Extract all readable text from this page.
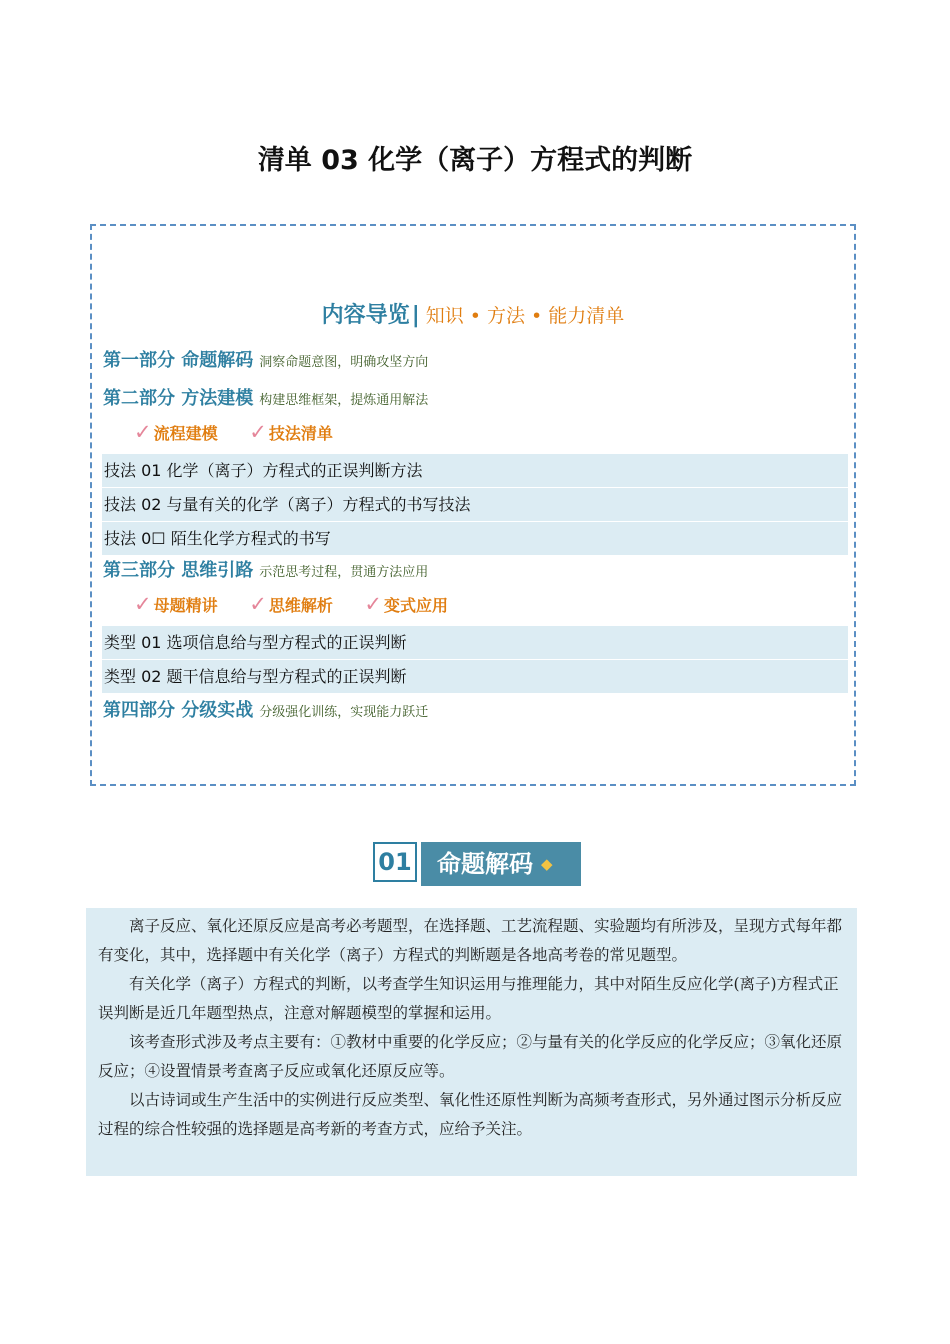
清单 03 化学（离子）方程式的判断
内容导览| 知识 • 方法 • 能力清单
第一部分 命题解码 洞察命题意图，明确攻坚方向
第二部分 方法建模 构建思维框架，提炼通用解法
✓ 流程建模 ✓ 技法清单
技法 01 化学（离子）方程式的正误判断方法
技法 02 与量有关的化学（离子）方程式的书写技法
技法 0☐ 陌生化学方程式的书写
第三部分 思维引路 示范思考过程，贯通方法应用
✓ 母题精讲 ✓ 思维解析 ✓ 变式应用
类型 01 选项信息给与型方程式的正误判断
类型 02 题干信息给与型方程式的正误判断
第四部分 分级实战 分级强化训练，实现能力跃迁
01	命题解码 ◆

离子反应、氧化还原反应是高考必考题型，在选择题、工艺流程题、实验题均有所涉及，呈现方式每年都有变化，其中，选择题中有关化学（离子）方程式的判断题是各地高考卷的常见题型。

有关化学（离子）方程式的判断，以考查学生知识运用与推理能力，其中对陌生反应化学(离子)方程式正误判断是近几年题型热点，注意对解题模型的掌握和运用。

该考查形式涉及考点主要有：①教材中重要的化学反应；②与量有关的化学反应的化学反应；③氧化还原反应；④设置情景考查离子反应或氧化还原反应等。

以古诗词或生产生活中的实例进行反应类型、氧化性还原性判断为高频考查形式，另外通过图示分析反应过程的综合性较强的选择题是高考新的考查方式，应给予关注。
